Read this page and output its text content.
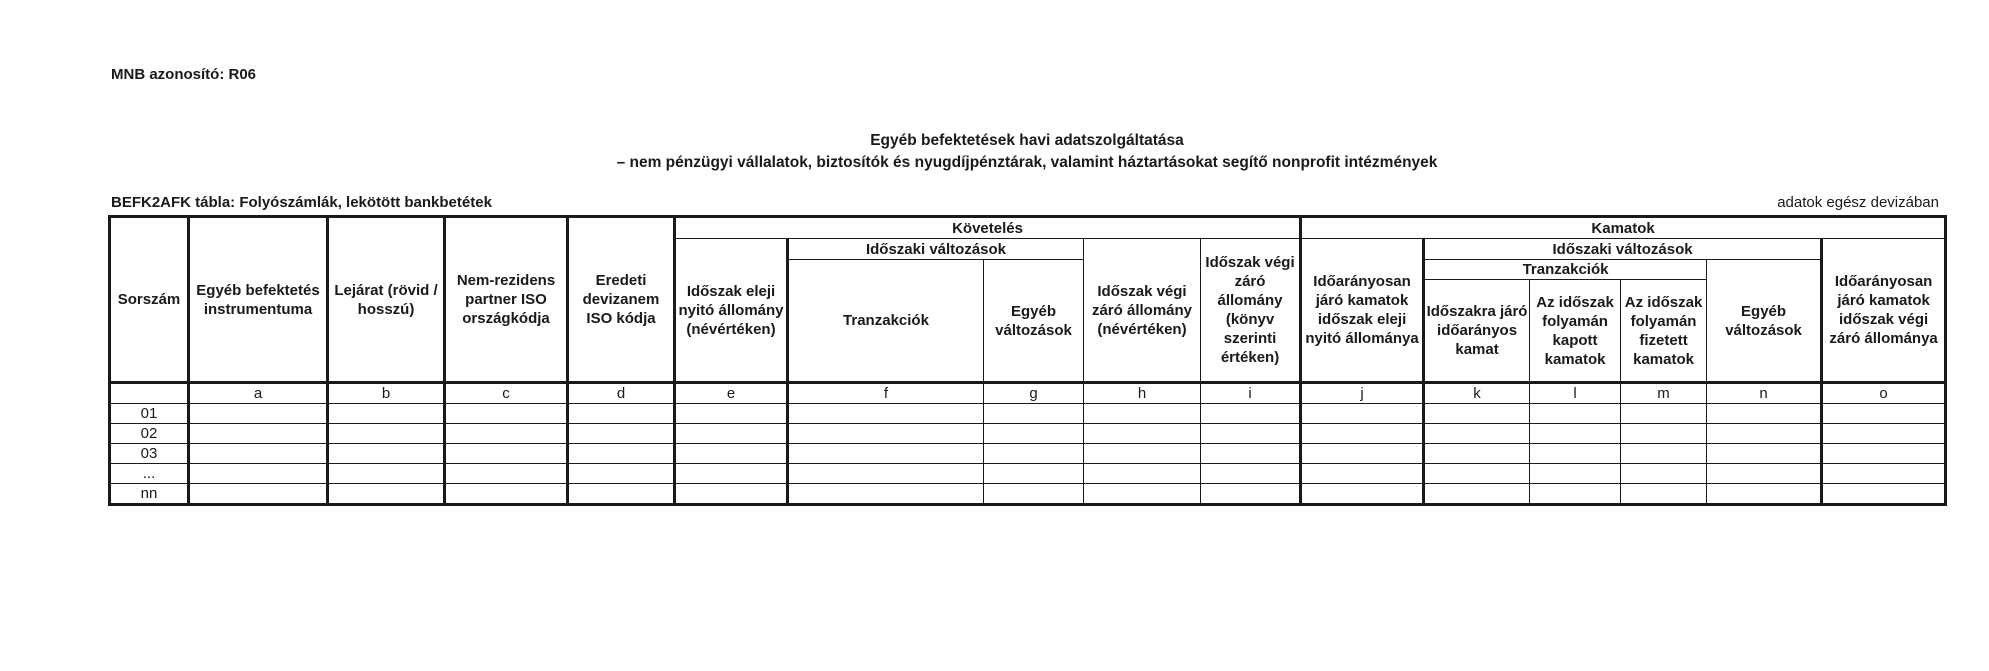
MNB azonosító: R06
Egyéb befektetések havi adatszolgáltatása
– nem pénzügyi vállalatok, biztosítók és nyugdíjpénztárak, valamint háztartásokat segítő nonprofit intézmények
BEFK2AFK tábla: Folyószámlák, lekötött bankbetétek	adatok egész devizában
Sorszám	Egyéb befektetés instrumentuma	Lejárat (rövid / hosszú)	Nem-rezidens partner ISO országkódja	Eredeti devizanem ISO kódja	Követelés					Kamatok					
					Időszak eleji nyitó állomány (névértéken)	Időszaki változások		Időszak végi záró állomány (névértéken)	Időszak végi záró állomány (könyv szerinti értéken)	Időarányosan járó kamatok időszak eleji nyitó állománya	Időszaki változások				Időarányosan járó kamatok időszak végi záró állománya
						Tranzakciók	Egyéb változások				Tranzakciók			Egyéb változások	
											Időszakra járó időarányos kamat	Az időszak folyamán kapott kamatok	Az időszak folyamán fizetett kamatok		
	a	b	c	d	e	f	g	h	i	j	k	l	m	n	o
01															
02															
03															
...															
nn															
